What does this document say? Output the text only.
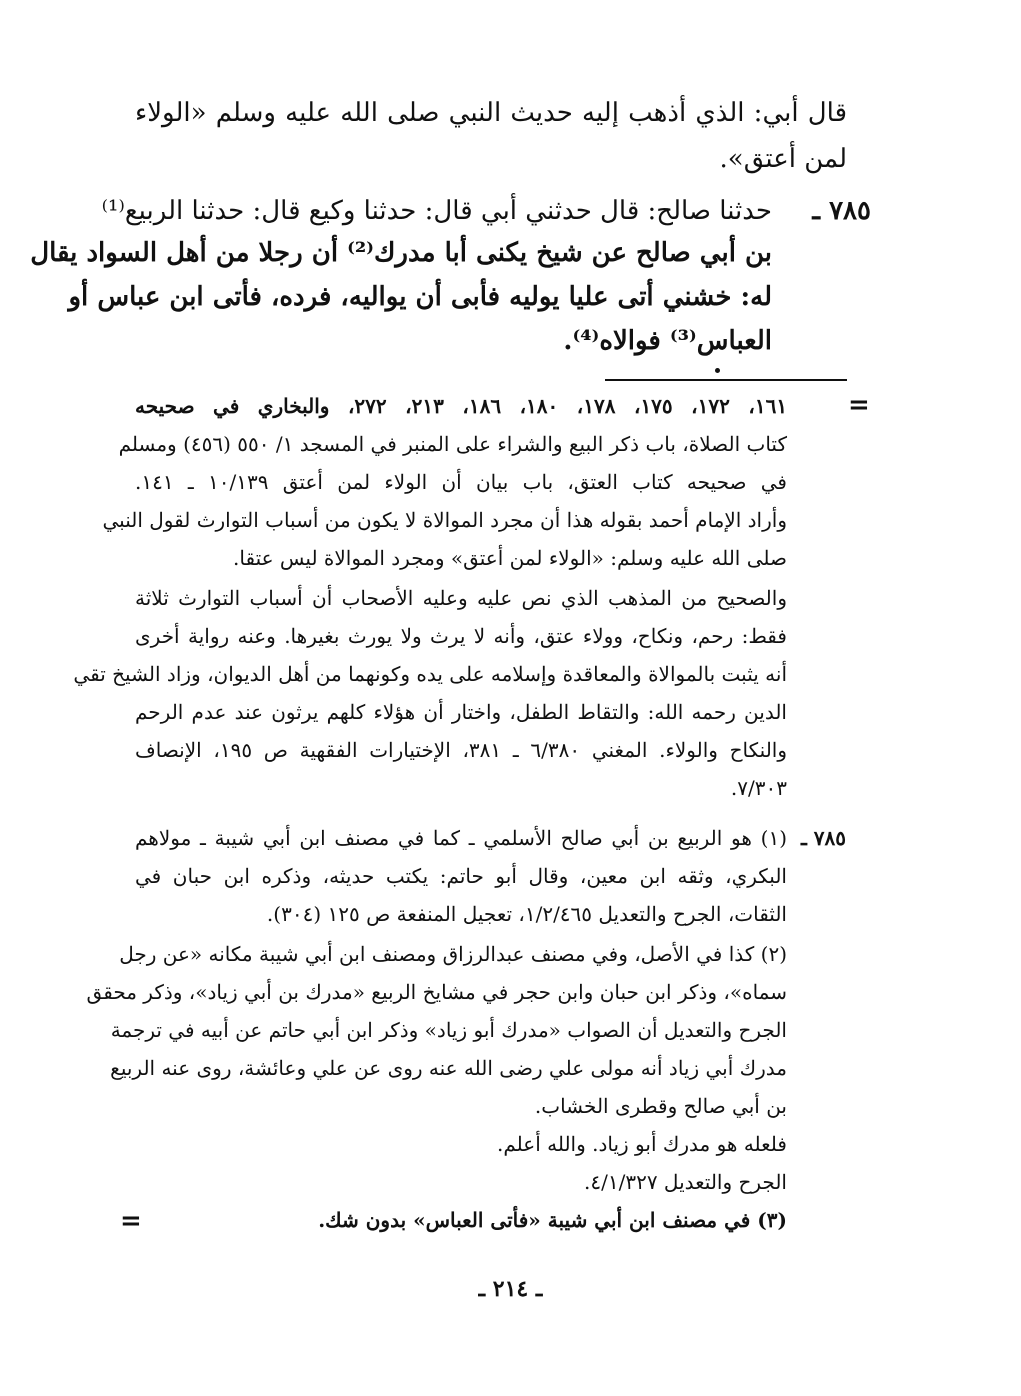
قال أبي: الذي أذهب إليه حديث النبي صلى الله عليه وسلم «الولاء
لمن أعتق».
٧٨٥ ـ
حدثنا صالح: قال حدثني أبي قال: حدثنا وكيع قال: حدثنا الربيع⁽¹⁾
بن أبي صالح عن شيخ يكنى أبا مدرك⁽²⁾ أن رجلا من أهل السواد يقال
له: خشني أتى عليا يوليه فأبى أن يواليه، فرده، فأتى ابن عباس أو
العباس⁽³⁾ فوالاه⁽⁴⁾.
=
١٦١، ١٧٢، ١٧٥، ١٧٨، ١٨٠، ١٨٦، ٢١٣، ٢٧٢، والبخاري في صحيحه
كتاب الصلاة، باب ذكر البيع والشراء على المنبر في المسجد ١/ ٥٥٠ (٤٥٦) ومسلم
في صحيحه كتاب العتق، باب بيان أن الولاء لمن أعتق ١٠/١٣٩ ـ ١٤١.
وأراد الإمام أحمد بقوله هذا أن مجرد الموالاة لا يكون من أسباب التوارث لقول النبي
صلى الله عليه وسلم: «الولاء لمن أعتق» ومجرد الموالاة ليس عتقا.
والصحيح من المذهب الذي نص عليه وعليه الأصحاب أن أسباب التوارث ثلاثة
فقط: رحم، ونكاح، وولاء عتق، وأنه لا يرث ولا يورث بغيرها. وعنه رواية أخرى
أنه يثبت بالموالاة والمعاقدة وإسلامه على يده وكونهما من أهل الديوان، وزاد الشيخ تقي
الدين رحمه الله: والتقاط الطفل، واختار أن هؤلاء كلهم يرثون عند عدم الرحم
والنكاح والولاء. المغني ٦/٣٨٠ ـ ٣٨١، الإختيارات الفقهية ص ١٩٥، الإنصاف
٧/٣٠٣.
٧٨٥ ـ
(١) هو الربيع بن أبي صالح الأسلمي ـ كما في مصنف ابن أبي شيبة ـ مولاهم
البكري، وثقه ابن معين، وقال أبو حاتم: يكتب حديثه، وذكره ابن حبان في
الثقات، الجرح والتعديل ١/٢/٤٦٥، تعجيل المنفعة ص ١٢٥ (٣٠٤).
(٢) كذا في الأصل، وفي مصنف عبدالرزاق ومصنف ابن أبي شيبة مكانه «عن رجل
سماه»، وذكر ابن حبان وابن حجر في مشايخ الربيع «مدرك بن أبي زياد»، وذكر محقق
الجرح والتعديل أن الصواب «مدرك أبو زياد» وذكر ابن أبي حاتم عن أبيه في ترجمة
مدرك أبي زياد أنه مولى علي رضى الله عنه روى عن علي وعائشة، روى عنه الربيع
بن أبي صالح وقطرى الخشاب.
فلعله هو مدرك أبو زياد. والله أعلم.
الجرح والتعديل ٤/١/٣٢٧.
(٣) في مصنف ابن أبي شيبة «فأتى العباس» بدون شك.
=
ـ ٢١٤ ـ
